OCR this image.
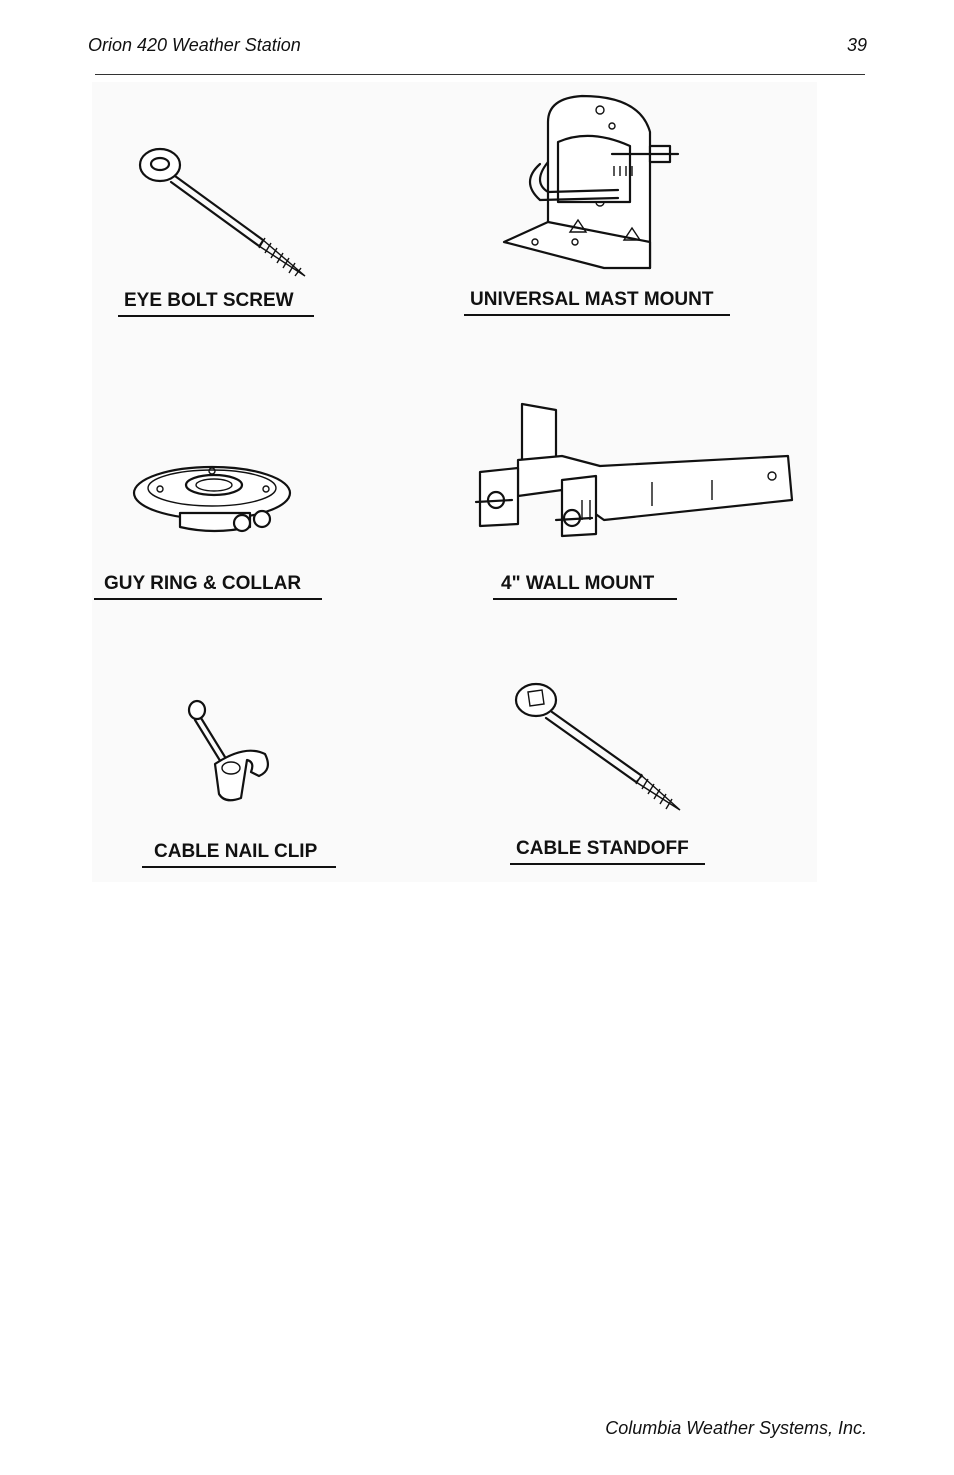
Orion 420 Weather Station	39
EYE BOLT SCREW	UNIVERSAL MAST MOUNT
GUY RING & COLLAR	4" WALL MOUNT
CABLE NAIL CLIP	CABLE STANDOFF
Columbia Weather Systems, Inc.
